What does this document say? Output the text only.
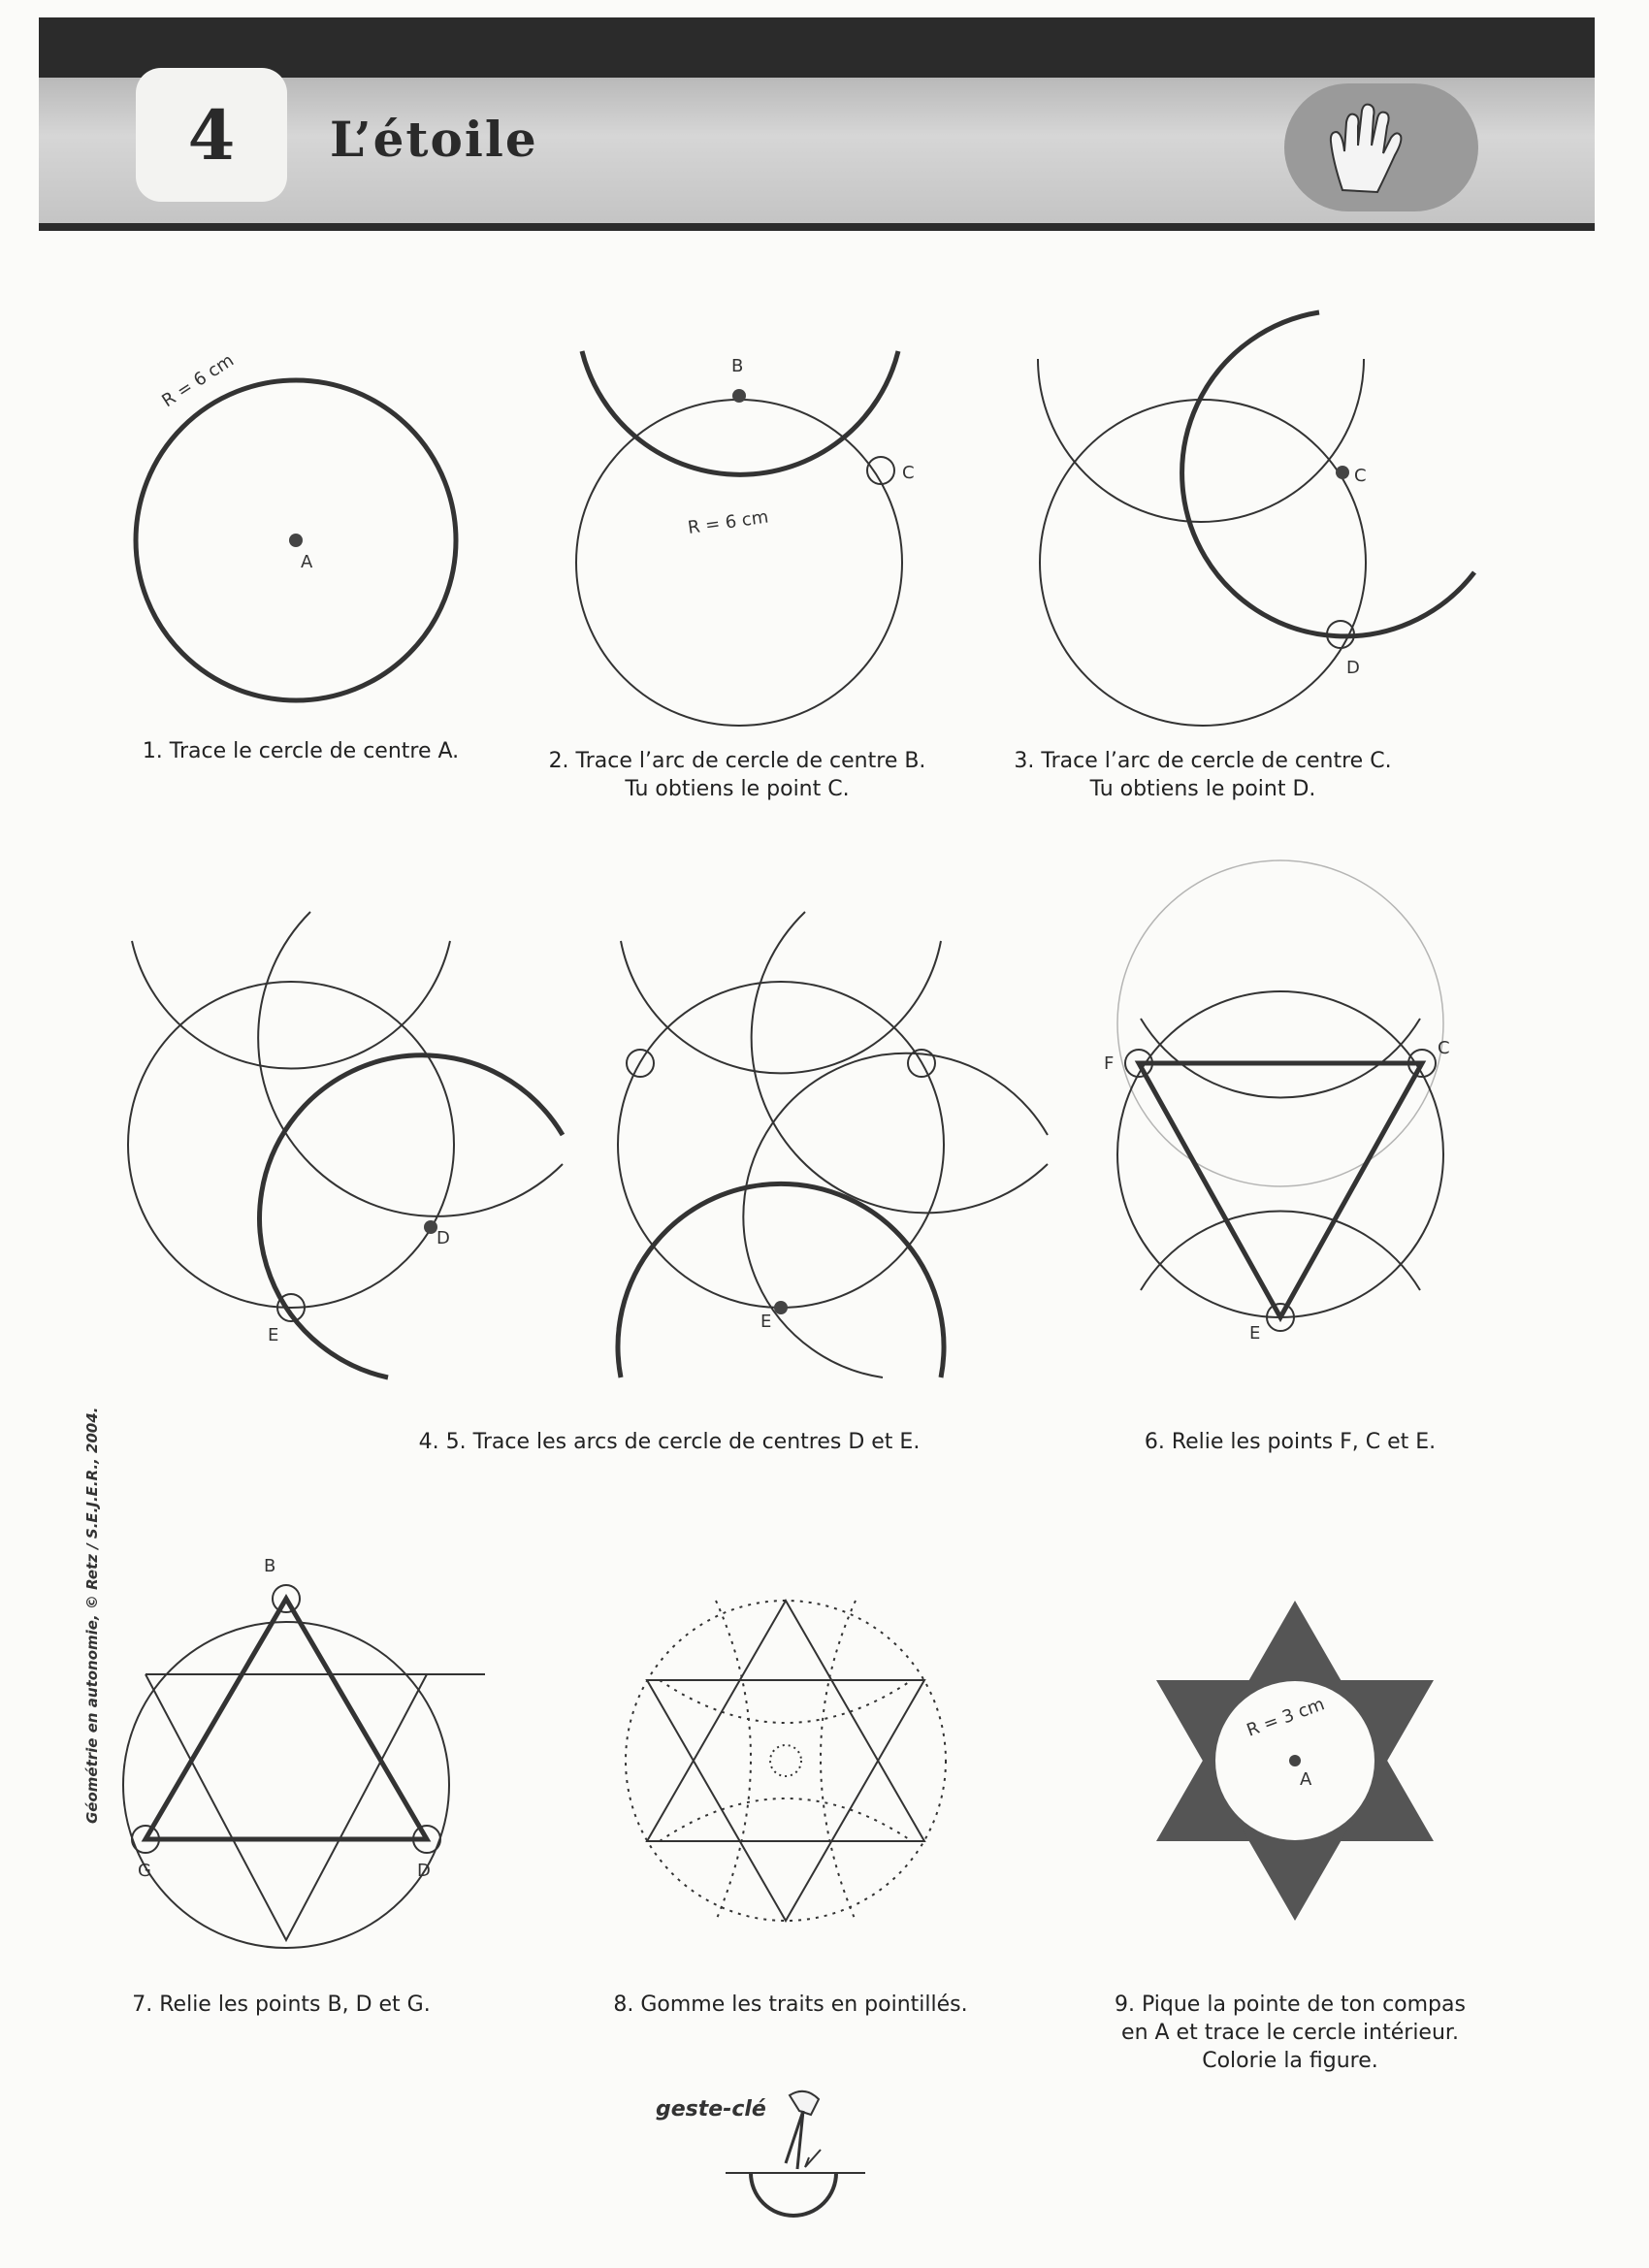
4	L’étoile
A
R = 6 cm
1. Trace le cercle de centre A.
B
C
R = 6 cm
2. Trace l’arc de cercle de centre B.
Tu obtiens le point C.
C
D
3. Trace l’arc de cercle de centre C.
Tu obtiens le point D.
D
E
E
4. 5. Trace les arcs de cercle de centres D et E.
F
C
E
6. Relie les points F, C et E.
B
D
G
7. Relie les points B, D et G.	8. Gomme les traits en pointillés.
A
R = 3 cm
9. Pique la pointe de ton compas
en A et trace le cercle intérieur.
Colorie la figure.
geste-clé
Géométrie en autonomie, © Retz / S.E.J.E.R., 2004.
